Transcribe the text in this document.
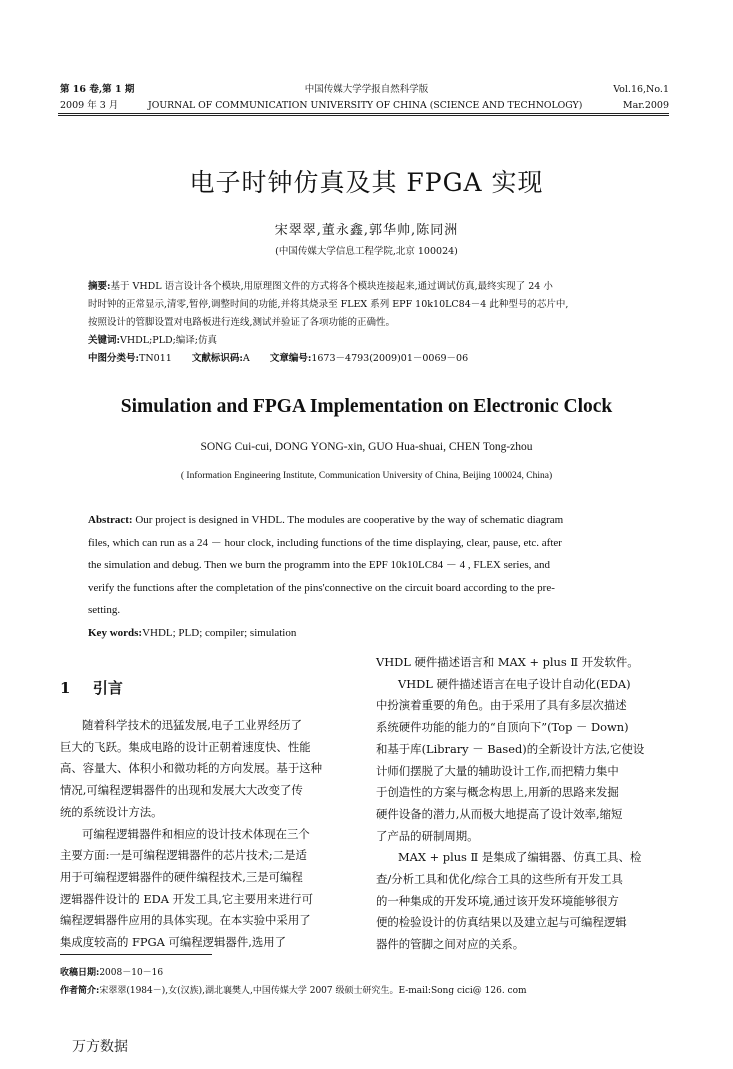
第 16 卷,第 1 期	中国传媒大学学报自然科学版	Vol.16,No.1
2009 年 3 月	JOURNAL OF COMMUNICATION UNIVERSITY OF CHINA (SCIENCE AND TECHNOLOGY)	Mar.2009
电子时钟仿真及其 FPGA 实现
宋翠翠,董永鑫,郭华帅,陈同洲
(中国传媒大学信息工程学院,北京 100024)

摘要:基于 VHDL 语言设计各个模块,用原理图文件的方式将各个模块连接起来,通过调试仿真,最终实现了 24 小

时时钟的正常显示,清零,暂停,调整时间的功能,并将其烧录至 FLEX 系列 EPF 10k10LC84－4 此种型号的芯片中,

按照设计的管脚设置对电路板进行连线,测试并验证了各项功能的正确性。

关键词:VHDL;PLD;编译;仿真

中图分类号:TN011 文献标识码:A 文章编号:1673－4793(2009)01－0069－06

Simulation and FPGA Implementation on Electronic Clock
SONG Cui-cui, DONG YONG-xin, GUO Hua-shuai, CHEN Tong-zhou
( Information Engineering Institute, Communication University of China, Beijing 100024, China)

Abstract: Our project is designed in VHDL. The modules are cooperative by the way of schematic diagram

files, which can run as a 24 － hour clock, including functions of the time displaying, clear, pause, etc. after

the simulation and debug. Then we burn the programm into the EPF 10k10LC84 － 4 , FLEX series, and

verify the functions after the completation of the pins'connective on the circuit board according to the pre-

setting.

Key words:VHDL; PLD; compiler; simulation

1 引言

随着科学技术的迅猛发展,电子工业界经历了

巨大的飞跃。集成电路的设计正朝着速度快、性能

高、容量大、体积小和微功耗的方向发展。基于这种

情况,可编程逻辑器件的出现和发展大大改变了传

统的系统设计方法。

可编程逻辑器件和相应的设计技术体现在三个

主要方面:一是可编程逻辑器件的芯片技术;二是适

用于可编程逻辑器件的硬件编程技术,三是可编程

逻辑器件设计的 EDA 开发工具,它主要用来进行可

编程逻辑器件应用的具体实现。在本实验中采用了

集成度较高的 FPGA 可编程逻辑器件,选用了

VHDL 硬件描述语言和 MAX + plus Ⅱ 开发软件。

VHDL 硬件描述语言在电子设计自动化(EDA)

中扮演着重要的角色。由于采用了具有多层次描述

系统硬件功能的能力的“自顶向下”(Top － Down)

和基于库(Library － Based)的全新设计方法,它使设

计师们摆脱了大量的辅助设计工作,而把精力集中

于创造性的方案与概念构思上,用新的思路来发掘

硬件设备的潜力,从而极大地提高了设计效率,缩短

了产品的研制周期。

MAX + plus Ⅱ 是集成了编辑器、仿真工具、检

查/分析工具和优化/综合工具的这些所有开发工具

的一种集成的开发环境,通过该开发环境能够很方

便的检验设计的仿真结果以及建立起与可编程逻辑

器件的管脚之间对应的关系。

收稿日期:2008－10－16

作者简介:宋翠翠(1984－),女(汉族),湖北襄樊人,中国传媒大学 2007 级硕士研究生。E-mail:Song cici@ 126. com

万方数据
